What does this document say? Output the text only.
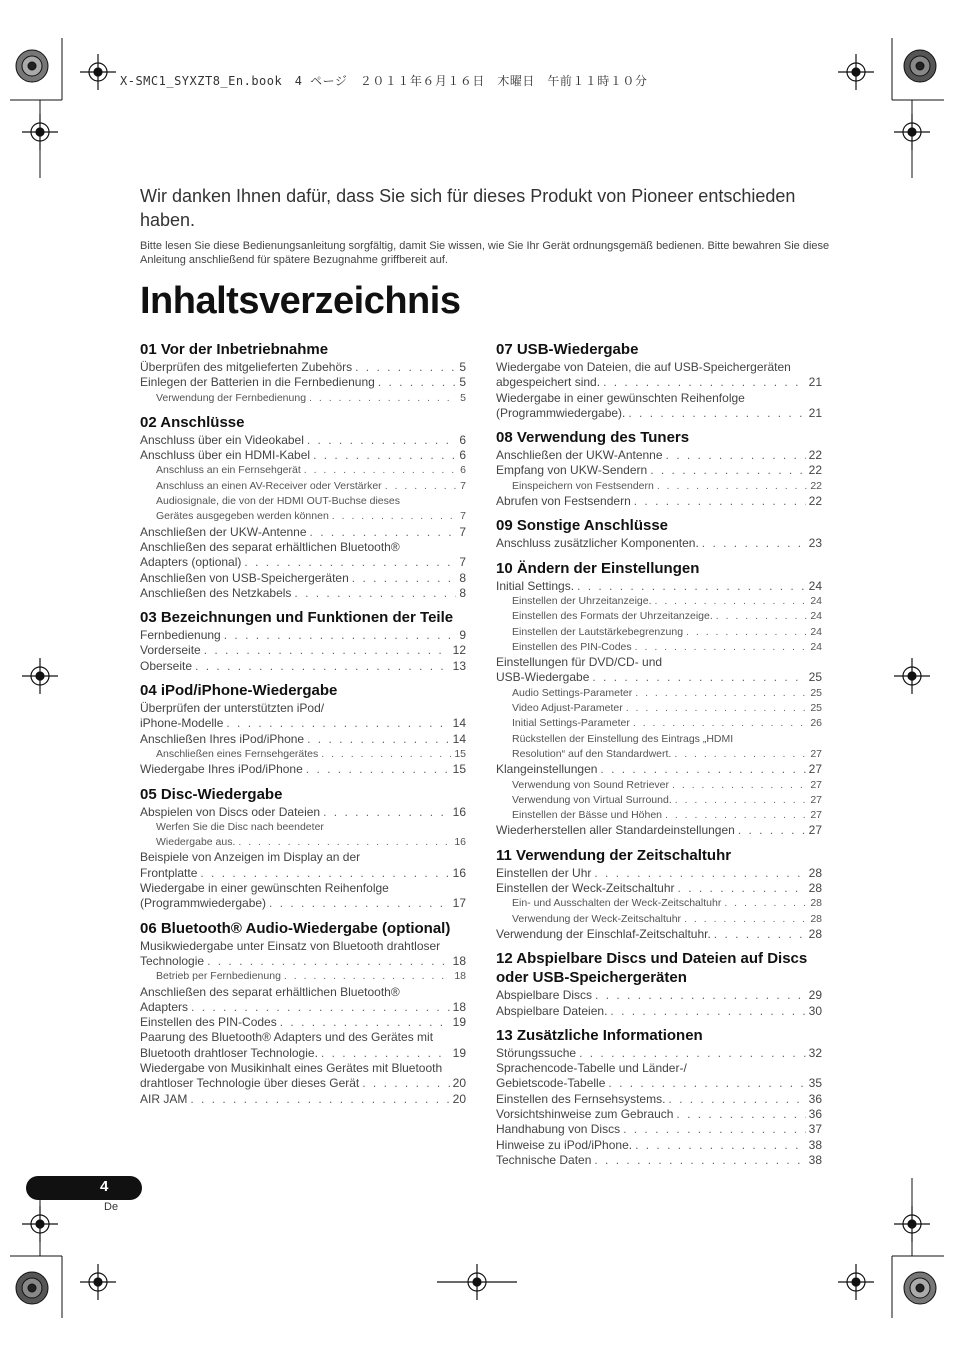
X-SMC1_SYXZT8_En.book　4 ページ　２０１１年６月１６日　木曜日　午前１１時１０分
Wir danken Ihnen dafür, dass Sie sich für dieses Produkt von Pioneer entschieden haben.
Bitte lesen Sie diese Bedienungsanleitung sorgfältig, damit Sie wissen, wie Sie Ihr Gerät ordnungsgemäß bedienen. Bitte bewahren Sie diese Anleitung anschließend für spätere Bezugnahme griffbereit auf.
Inhaltsverzeichnis
01 Vor der Inbetriebnahme
Überprüfen des mitgelieferten Zubehörs . . .	5
Einlegen der Batterien in die Fernbedienung . . .	5
Verwendung der Fernbedienung . . .	5
02 Anschlüsse
Anschluss über ein Videokabel . . .	6
Anschluss über ein HDMI-Kabel . . .	6
Anschluss an ein Fernsehgerät . . .	6
Anschluss an einen AV-Receiver oder Verstärker . . .	7
Audiosignale, die von der HDMI OUT-Buchse dieses
Gerätes ausgegeben werden können . . .	7
Anschließen der UKW-Antenne . . .	7
Anschließen des separat erhältlichen Bluetooth®
Adapters (optional) . . .	7
Anschließen von USB-Speichergeräten . . .	8
Anschließen des Netzkabels . . .	8
03 Bezeichnungen und Funktionen der Teile
Fernbedienung . . .	9
Vorderseite . . .	12
Oberseite . . .	13
04 iPod/iPhone-Wiedergabe
Überprüfen der unterstützten iPod/
iPhone-Modelle . . .	14
Anschließen Ihres iPod/iPhone . . .	14
Anschließen eines Fernsehgerätes . . .	15
Wiedergabe Ihres iPod/iPhone . . .	15
05 Disc-Wiedergabe
Abspielen von Discs oder Dateien . . .	16
Werfen Sie die Disc nach beendeter
Wiedergabe aus. . . .	16
Beispiele von Anzeigen im Display an der
Frontplatte . . .	16
Wiedergabe in einer gewünschten Reihenfolge
(Programmwiedergabe) . . .	17
06 Bluetooth® Audio-Wiedergabe (optional)
Musikwiedergabe unter Einsatz von Bluetooth drahtloser
Technologie . . .	18
Betrieb per Fernbedienung . . .	18
Anschließen des separat erhältlichen Bluetooth®
Adapters . . .	18
Einstellen des PIN-Codes . . .	19
Paarung des Bluetooth® Adapters und des Gerätes mit
Bluetooth drahtloser Technologie. . . .	19
Wiedergabe von Musikinhalt eines Gerätes mit Bluetooth
drahtloser Technologie über dieses Gerät . . .	20
AIR JAM . . .	20
07 USB-Wiedergabe
Wiedergabe von Dateien, die auf USB-Speichergeräten
abgespeichert sind. . . .	21
Wiedergabe in einer gewünschten Reihenfolge
(Programmwiedergabe). . . .	21
08 Verwendung des Tuners
Anschließen der UKW-Antenne . . .	22
Empfang von UKW-Sendern . . .	22
Einspeichern von Festsendern . . .	22
Abrufen von Festsendern . . .	22
09 Sonstige Anschlüsse
Anschluss zusätzlicher Komponenten. . . .	23
10 Ändern der Einstellungen
Initial Settings. . . .	24
Einstellen der Uhrzeitanzeige. . . .	24
Einstellen des Formats der Uhrzeitanzeige. . . .	24
Einstellen der Lautstärkebegrenzung . . .	24
Einstellen des PIN-Codes . . .	24
Einstellungen für DVD/CD- und
USB-Wiedergabe . . .	25
Audio Settings-Parameter . . .	25
Video Adjust-Parameter . . .	25
Initial Settings-Parameter . . .	26
Rückstellen der Einstellung des Eintrags „HDMI
Resolution“ auf den Standardwert. . . .	27
Klangeinstellungen . . .	27
Verwendung von Sound Retriever . . .	27
Verwendung von Virtual Surround. . . .	27
Einstellen der Bässe und Höhen . . .	27
Wiederherstellen aller Standardeinstellungen . . .	27
11 Verwendung der Zeitschaltuhr
Einstellen der Uhr . . .	28
Einstellen der Weck-Zeitschaltuhr . . .	28
Ein- und Ausschalten der Weck-Zeitschaltuhr . . .	28
Verwendung der Weck-Zeitschaltuhr . . .	28
Verwendung der Einschlaf-Zeitschaltuhr. . . .	28
12 Abspielbare Discs und Dateien auf Discs oder USB-Speichergeräten
Abspielbare Discs . . .	29
Abspielbare Dateien. . . .	30
13 Zusätzliche Informationen
Störungssuche . . .	32
Sprachencode-Tabelle und Länder-/
Gebietscode-Tabelle . . .	35
Einstellen des Fernsehsystems. . . .	36
Vorsichtshinweise zum Gebrauch . . .	36
Handhabung von Discs . . .	37
Hinweise zu iPod/iPhone. . . .	38
Technische Daten . . .	38
4
De
